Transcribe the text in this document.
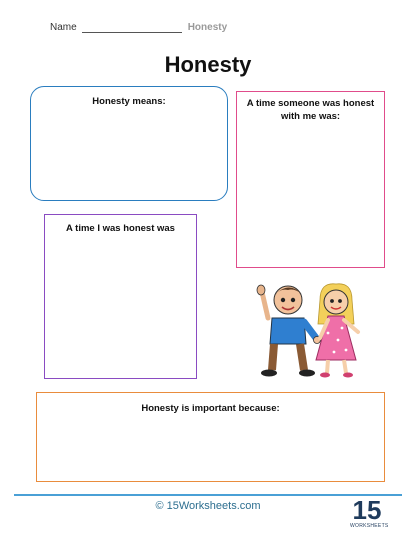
Name	Honesty
Honesty
Honesty means:	A time someone was honest with me was:
A time I was honest was
Honesty is important because:
© 15Worksheets.com	15
WORKSHEETS
